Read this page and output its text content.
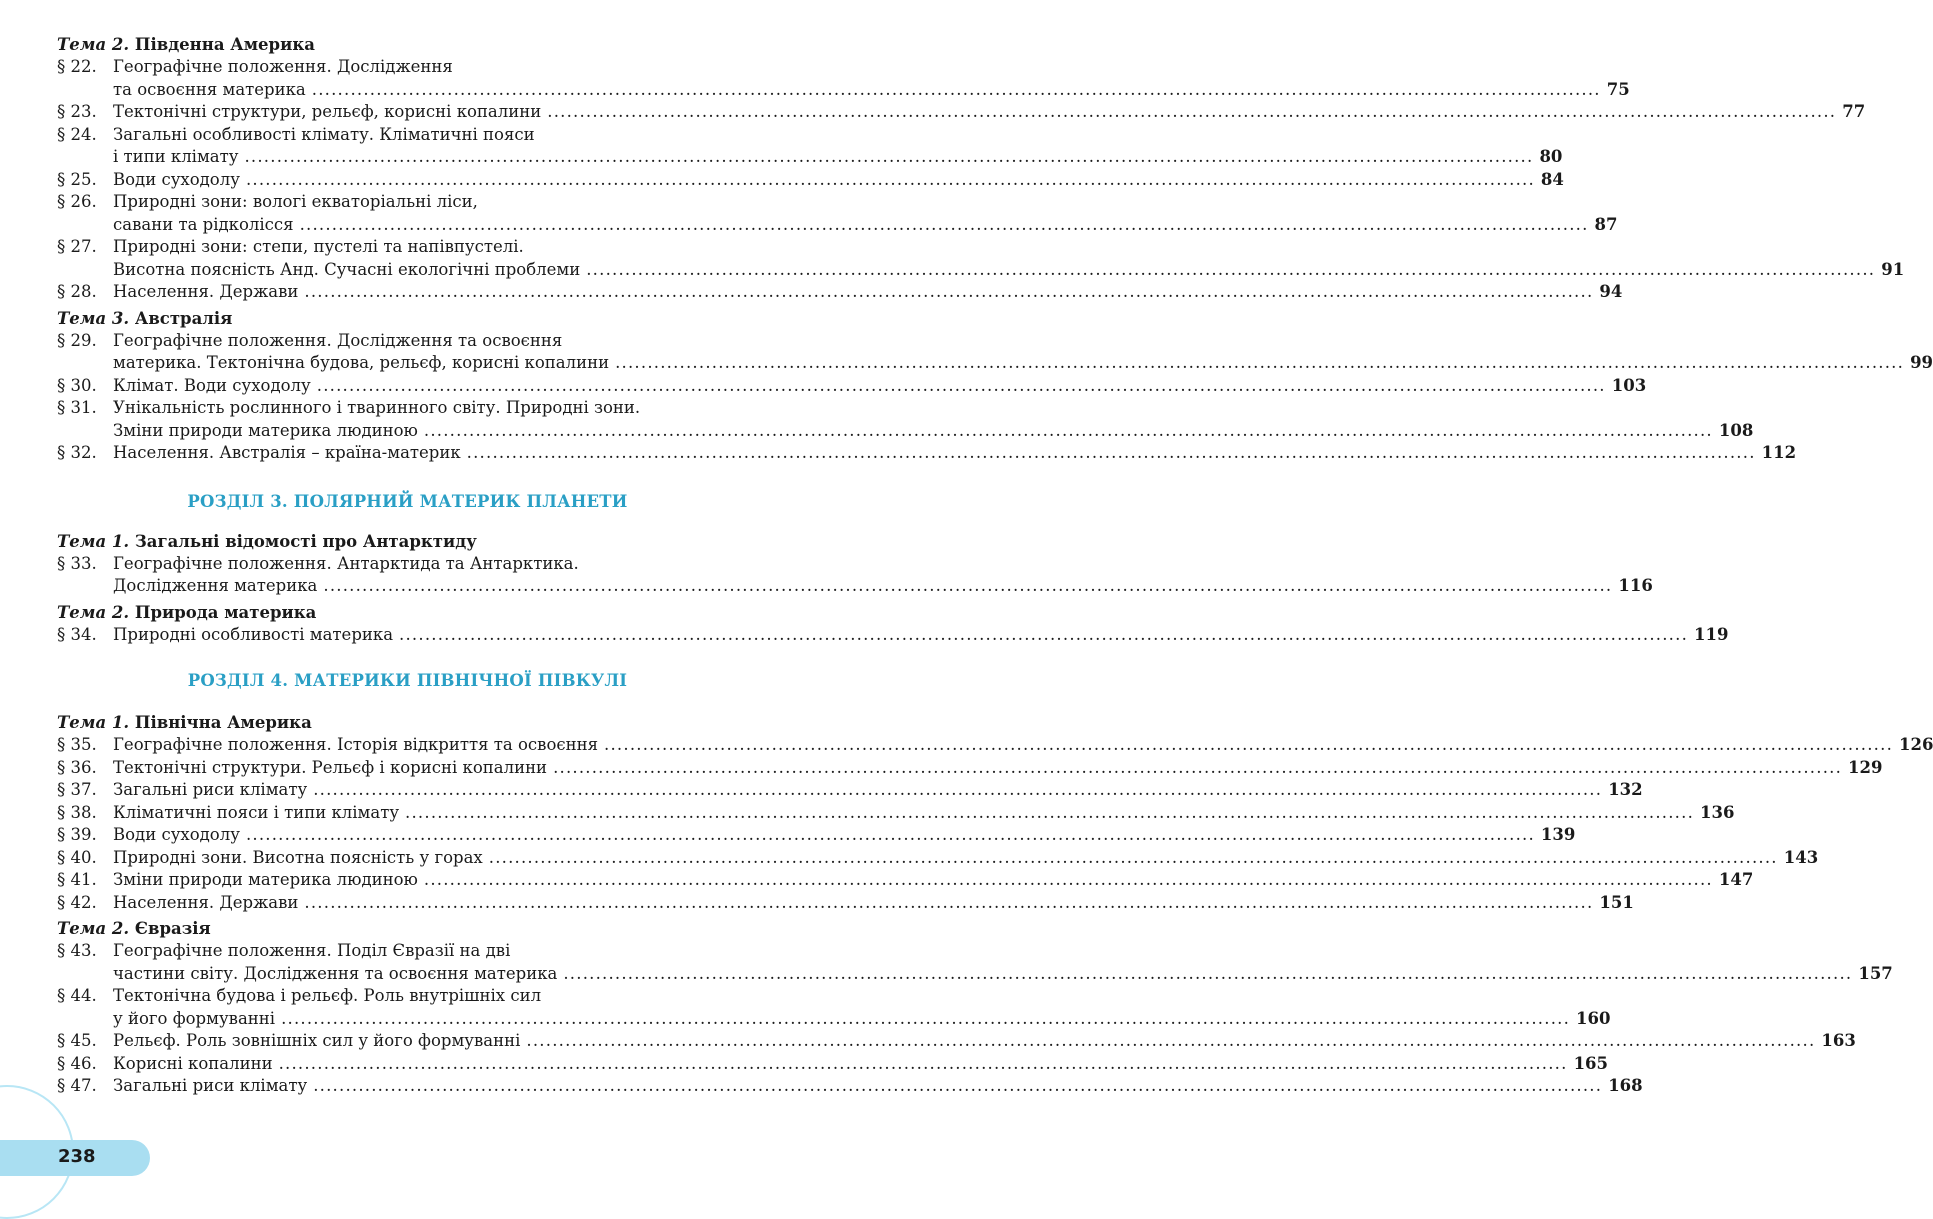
Тема 2. Південна Америка
§ 22. Географічне положення. Дослідження
та освоєння материка ........................................................................................................................................................................................................ 75
§ 23. Тектонічні структури, рельєф, корисні копалини ........................................................................................................................................................................................................ 77
§ 24. Загальні особливості клімату. Кліматичні пояси
і типи клімату ........................................................................................................................................................................................................ 80
§ 25. Води суходолу ........................................................................................................................................................................................................ 84
§ 26. Природні зони: вологі екваторіальні ліси,
савани та рідколісся ........................................................................................................................................................................................................ 87
§ 27. Природні зони: степи, пустелі та напівпустелі.
Висотна поясність Анд. Сучасні екологічні проблеми ........................................................................................................................................................................................................ 91
§ 28. Населення. Держави ........................................................................................................................................................................................................ 94
Тема 3. Австралія
§ 29. Географічне положення. Дослідження та освоєння
материка. Тектонічна будова, рельєф, корисні копалини ........................................................................................................................................................................................................ 99
§ 30. Клімат. Води суходолу ........................................................................................................................................................................................................ 103
§ 31. Унікальність рослинного і тваринного світу. Природні зони.
Зміни природи материка людиною ........................................................................................................................................................................................................ 108
§ 32. Населення. Австралія – країна-материк ........................................................................................................................................................................................................ 112
РОЗДІЛ 3. ПОЛЯРНИЙ МАТЕРИК ПЛАНЕТИ
Тема 1. Загальні відомості про Антарктиду
§ 33. Географічне положення. Антарктида та Антарктика.
Дослідження материка ........................................................................................................................................................................................................ 116
Тема 2. Природа материка
§ 34. Природні особливості материка ........................................................................................................................................................................................................ 119
РОЗДІЛ 4. МАТЕРИКИ ПІВНІЧНОЇ ПІВКУЛІ
Тема 1. Північна Америка
§ 35. Географічне положення. Історія відкриття та освоєння ........................................................................................................................................................................................................ 126
§ 36. Тектонічні структури. Рельєф і корисні копалини ........................................................................................................................................................................................................ 129
§ 37. Загальні риси клімату ........................................................................................................................................................................................................ 132
§ 38. Кліматичні пояси і типи клімату ........................................................................................................................................................................................................ 136
§ 39. Води суходолу ........................................................................................................................................................................................................ 139
§ 40. Природні зони. Висотна поясність у горах ........................................................................................................................................................................................................ 143
§ 41. Зміни природи материка людиною ........................................................................................................................................................................................................ 147
§ 42. Населення. Держави ........................................................................................................................................................................................................ 151
Тема 2. Євразія
§ 43. Географічне положення. Поділ Євразії на дві
частини світу. Дослідження та освоєння материка ........................................................................................................................................................................................................ 157
§ 44. Тектонічна будова і рельєф. Роль внутрішніх сил
у його формуванні ........................................................................................................................................................................................................ 160
§ 45. Рельєф. Роль зовнішніх сил у його формуванні ........................................................................................................................................................................................................ 163
§ 46. Корисні копалини ........................................................................................................................................................................................................ 165
§ 47. Загальні риси клімату ........................................................................................................................................................................................................ 168
238
